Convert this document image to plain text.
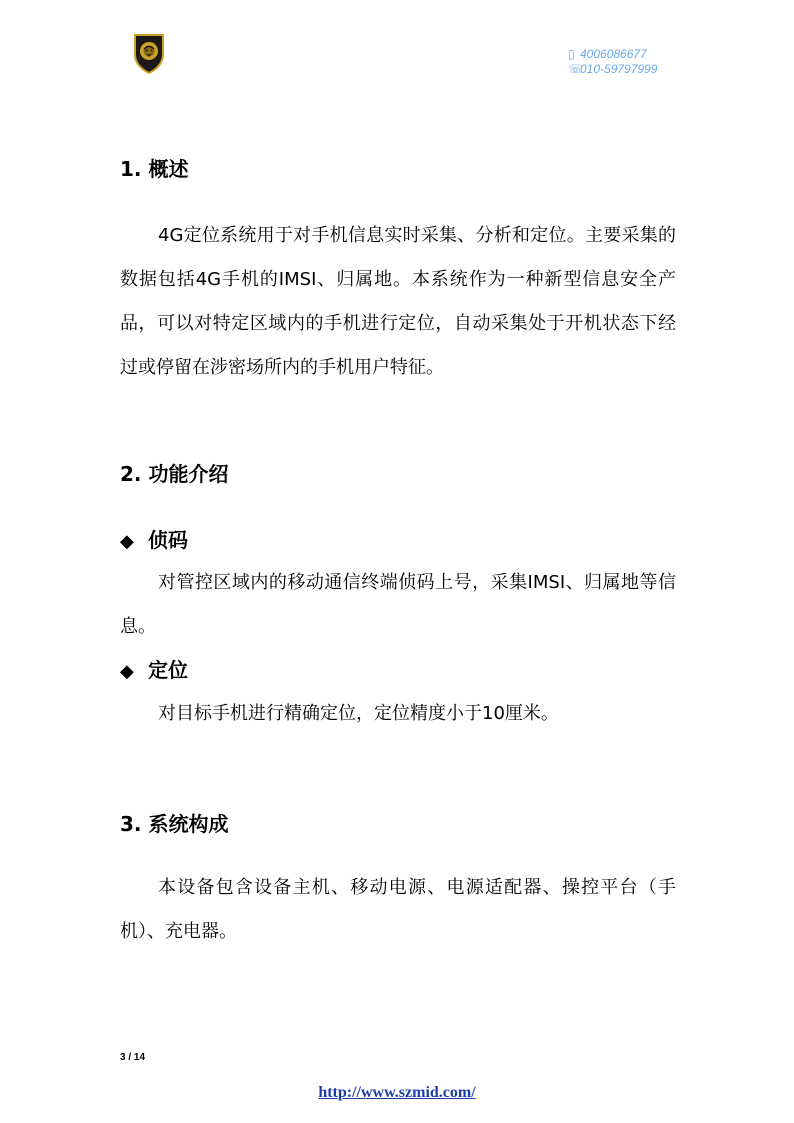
▯ 4006086677
☏010-59797999
1. 概述

4G定位系统用于对手机信息实时采集、分析和定位。主要采集的数据包括4G手机的IMSI、归属地。本系统作为一种新型信息安全产品，可以对特定区域内的手机进行定位，自动采集处于开机状态下经过或停留在涉密场所内的手机用户特征。

2. 功能介绍
◆ 侦码

对管控区域内的移动通信终端侦码上号，采集IMSI、归属地等信息。

◆ 定位

对目标手机进行精确定位，定位精度小于10厘米。

3. 系统构成

本设备包含设备主机、移动电源、电源适配器、操控平台（手机）、充电器。

3 / 14
http://www.szmid.com/
